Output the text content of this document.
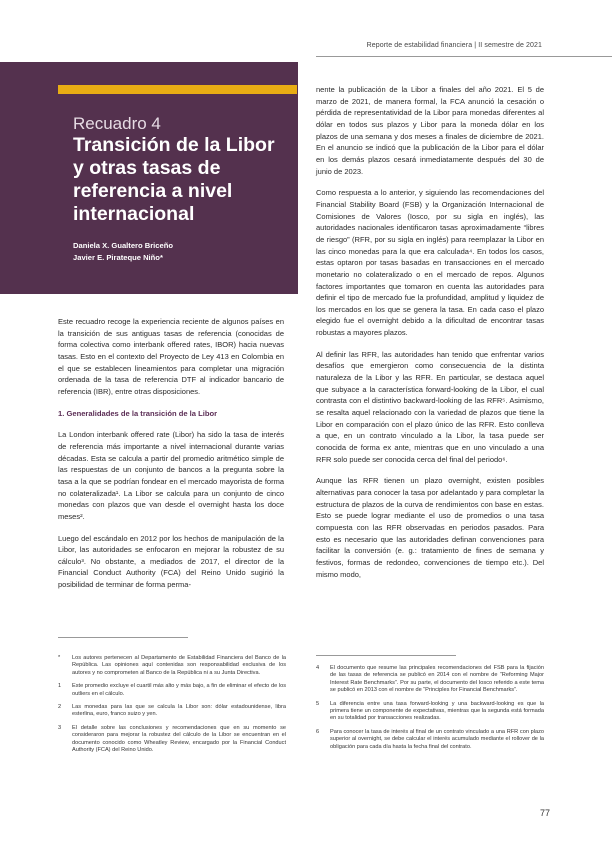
Reporte de estabilidad financiera | II semestre de 2021
Recuadro 4
Transición de la Libor y otras tasas de referencia a nivel internacional
Daniela X. Gualtero Briceño
Javier E. Pirateque Niño*

Este recuadro recoge la experiencia reciente de algunos países en la transición de sus antiguas tasas de referencia (conocidas de forma colectiva como interbank offered rates, IBOR) hacia nuevas tasas. Esto en el contexto del Proyecto de Ley 413 en Colombia en el que se establecen lineamientos para completar una migración ordenada de la tasa de referencia DTF al indicador bancario de referencia (IBR), entre otras disposiciones.

1. Generalidades de la transición de la Libor

La London interbank offered rate (Libor) ha sido la tasa de interés de referencia más importante a nivel internacional durante varias décadas. Esta se calcula a partir del promedio aritmético simple de las respuestas de un conjunto de bancos a la pregunta sobre la tasa a la que se podrían fondear en el mercado mayorista de forma no colateralizada¹. La Libor se calcula para un conjunto de cinco monedas con plazos que van desde el overnight hasta los doce meses².

Luego del escándalo en 2012 por los hechos de manipulación de la Libor, las autoridades se enfocaron en mejorar la robustez de su cálculo³. No obstante, a mediados de 2017, el director de la Financial Conduct Authority (FCA) del Reino Unido sugirió la posibilidad de terminar de forma perma-

nente la publicación de la Libor a finales del año 2021. El 5 de marzo de 2021, de manera formal, la FCA anunció la cesación o pérdida de representatividad de la Libor para monedas diferentes al dólar en todos sus plazos y Libor para la moneda dólar en los plazos de una semana y dos meses a finales de diciembre de 2021. En el anuncio se indicó que la publicación de la Libor para el dólar en los demás plazos cesará inmediatamente después del 30 de junio de 2023.

Como respuesta a lo anterior, y siguiendo las recomendaciones del Financial Stability Board (FSB) y la Organización Internacional de Comisiones de Valores (Iosco, por su sigla en inglés), las autoridades nacionales identificaron tasas aproximadamente “libres de riesgo” (RFR, por su sigla en inglés) para reemplazar la Libor en las cinco monedas para la que era calculada⁴. En todos los casos, estas optaron por tasas basadas en transacciones en el mercado monetario no colateralizado o en el mercado de repos. Algunos factores importantes que tomaron en cuenta las autoridades para definir el tipo de mercado fue la profundidad, amplitud y liquidez de los mercados en los que se genera la tasa. En cada caso el plazo elegido fue el overnight debido a la dificultad de encontrar tasas robustas a mayores plazos.

Al definir las RFR, las autoridades han tenido que enfrentar varios desafíos que emergieron como consecuencia de la distinta naturaleza de la Libor y las RFR. En particular, se destaca aquel que subyace a la característica forward-looking de la Libor, el cual contrasta con el distintivo backward-looking de las RFR⁵. Asimismo, se resalta aquel relacionado con la variedad de plazos que tiene la Libor en comparación con el plazo único de las RFR. Esto conlleva a que, en un contrato vinculado a la Libor, la tasa puede ser conocida de forma ex ante, mientras que en uno vinculado a una RFR solo puede ser conocida cerca del final del periodo⁶.

Aunque las RFR tienen un plazo overnight, existen posibles alternativas para conocer la tasa por adelantado y para completar la estructura de plazos de la curva de rendimientos con base en estas. Esto se puede lograr mediante el uso de promedios o una tasa compuesta con las RFR observadas en periodos pasados. Para esto es necesario que las autoridades definan convenciones para facilitar la conversión (e. g.: tratamiento de fines de semana y festivos, formas de redondeo, convenciones de tiempo etc.). Del mismo modo,

*	Los autores pertenecen al Departamento de Estabilidad Financiera del Banco de la República. Las opiniones aquí contenidas son responsabilidad exclusiva de los autores y no comprometen al Banco de la República ni a su Junta Directiva.
1	Este promedio excluye el cuartil más alto y más bajo, a fin de eliminar el efecto de los outliers en el cálculo.
2	Las monedas para las que se calcula la Libor son: dólar estadounidense, libra esterlina, euro, franco suizo y yen.
3	El detalle sobre las conclusiones y recomendaciones que en su momento se consideraron para mejorar la robustez del cálculo de la Libor se encuentran en el documento conocido como Wheatley Review, encargado por la Financial Conduct Authority (FCA) del Reino Unido.
4	El documento que resume las principales recomendaciones del FSB para la fijación de las tasas de referencia se publicó en 2014 con el nombre de “Reforming Major Interest Rate Benchmarks”. Por su parte, el documento del Iosco referido a este tema se publicó en 2013 con el nombre de “Principles for Financial Benchmarks”.
5	La diferencia entre una tasa forward-looking y una backward-looking es que la primera tiene un componente de expectativas, mientras que la segunda está formada en su totalidad por transacciones realizadas.
6	Para conocer la tasa de interés al final de un contrato vinculado a una RFR con plazo superior al overnight, se debe calcular el interés acumulado mediante el rollover de la obligación para cada día hasta la fecha final del contrato.
77
